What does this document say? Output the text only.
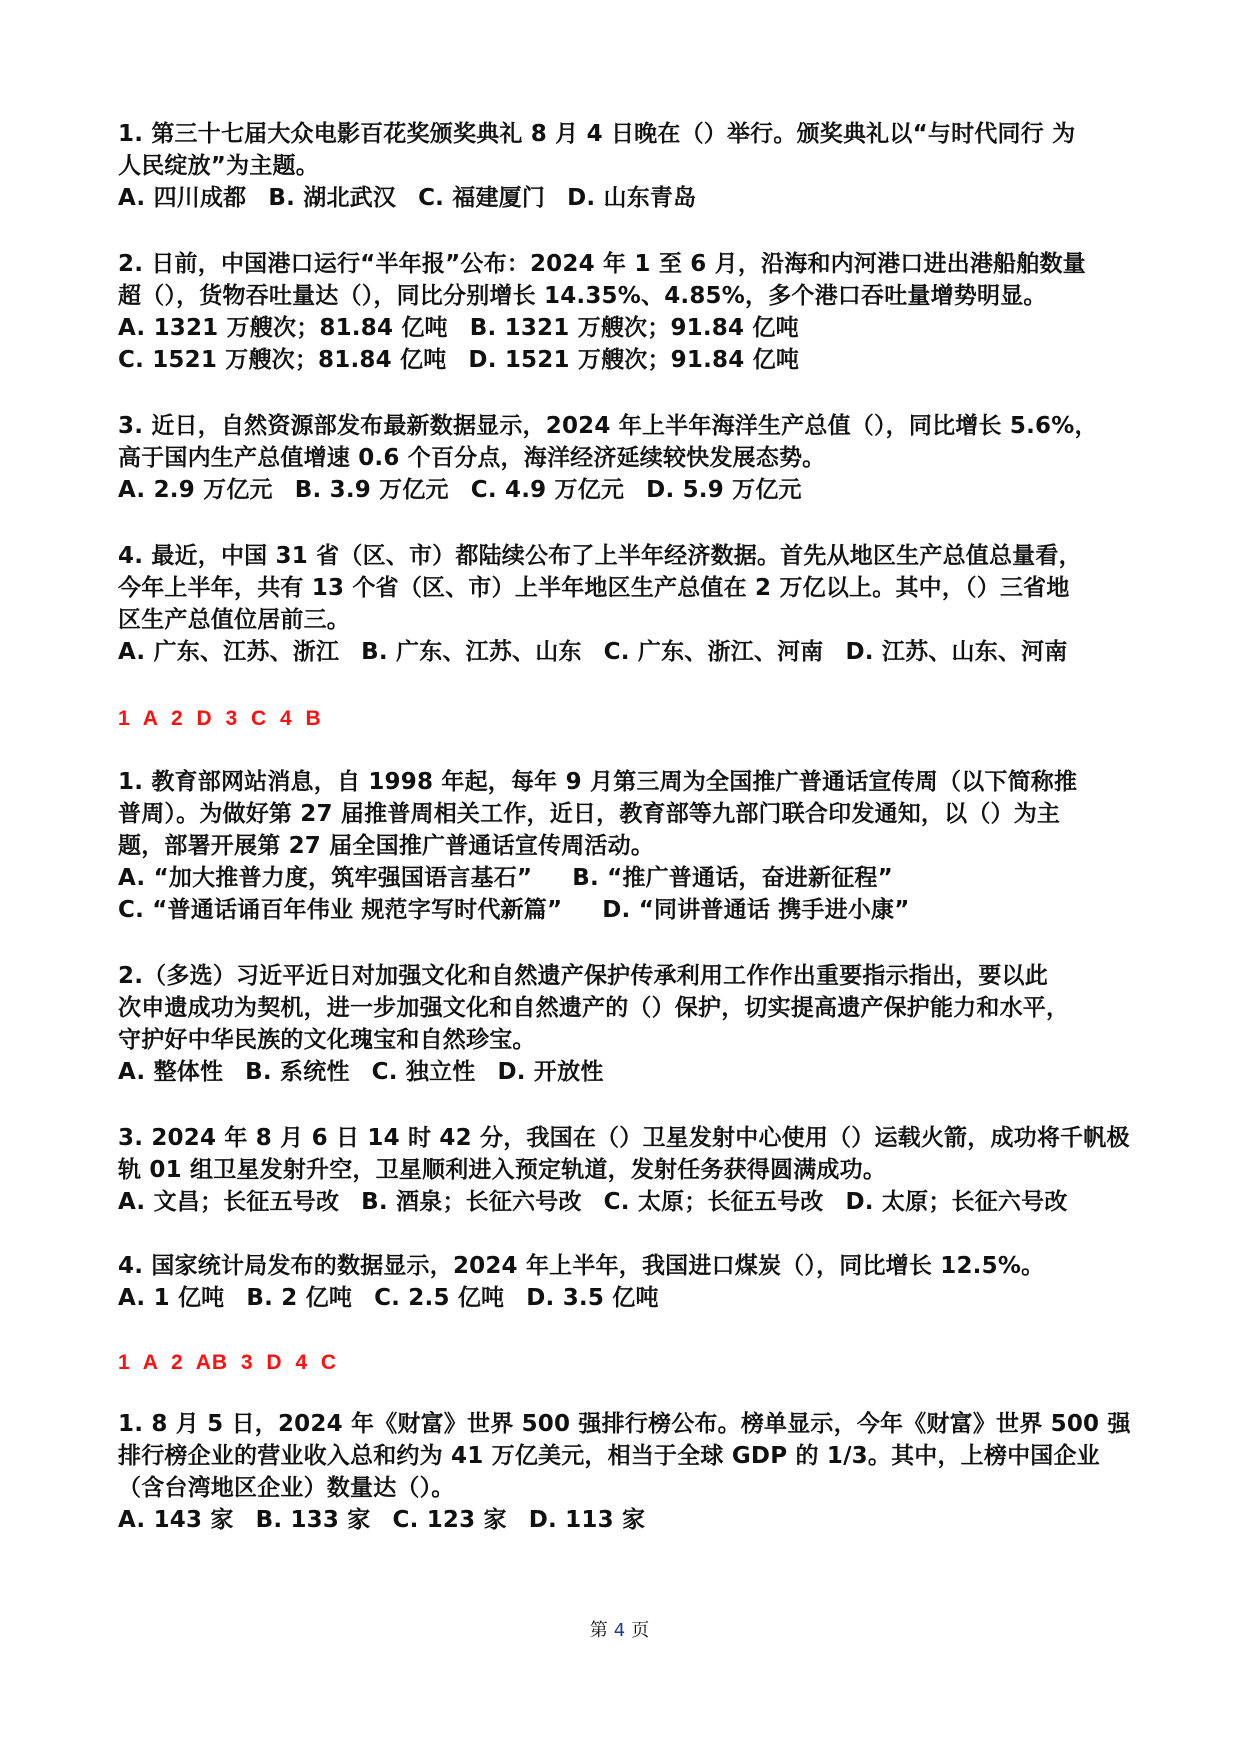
1. 第三十七届大众电影百花奖颁奖典礼 8 月 4 日晚在（）举行。颁奖典礼以“与时代同行 为
人民绽放”为主题。
A. 四川成都 B. 湖北武汉 C. 福建厦门 D. 山东青岛
2. 日前，中国港口运行“半年报”公布：2024 年 1 至 6 月，沿海和内河港口进出港船舶数量
超（），货物吞吐量达（），同比分别增长 14.35%、4.85%，多个港口吞吐量增势明显。
A. 1321 万艘次；81.84 亿吨 B. 1321 万艘次；91.84 亿吨
C. 1521 万艘次；81.84 亿吨 D. 1521 万艘次；91.84 亿吨
3. 近日，自然资源部发布最新数据显示，2024 年上半年海洋生产总值（），同比增长 5.6%，
高于国内生产总值增速 0.6 个百分点，海洋经济延续较快发展态势。
A. 2.9 万亿元 B. 3.9 万亿元 C. 4.9 万亿元 D. 5.9 万亿元
4. 最近，中国 31 省（区、市）都陆续公布了上半年经济数据。首先从地区生产总值总量看，
今年上半年，共有 13 个省（区、市）上半年地区生产总值在 2 万亿以上。其中，（）三省地
区生产总值位居前三。
A. 广东、江苏、浙江 B. 广东、江苏、山东 C. 广东、浙江、河南 D. 江苏、山东、河南
1 A 2 D 3 C 4 B
1. 教育部网站消息，自 1998 年起，每年 9 月第三周为全国推广普通话宣传周（以下简称推
普周）。为做好第 27 届推普周相关工作，近日，教育部等九部门联合印发通知，以（）为主
题，部署开展第 27 届全国推广普通话宣传周活动。
A. “加大推普力度，筑牢强国语言基石” B. “推广普通话，奋进新征程”
C. “普通话诵百年伟业 规范字写时代新篇” D. “同讲普通话 携手进小康”
2.（多选）习近平近日对加强文化和自然遗产保护传承利用工作作出重要指示指出，要以此
次申遗成功为契机，进一步加强文化和自然遗产的（）保护，切实提高遗产保护能力和水平，
守护好中华民族的文化瑰宝和自然珍宝。
A. 整体性 B. 系统性 C. 独立性 D. 开放性
3. 2024 年 8 月 6 日 14 时 42 分，我国在（）卫星发射中心使用（）运载火箭，成功将千帆极
轨 01 组卫星发射升空，卫星顺利进入预定轨道，发射任务获得圆满成功。
A. 文昌；长征五号改 B. 酒泉；长征六号改 C. 太原；长征五号改 D. 太原；长征六号改
4. 国家统计局发布的数据显示，2024 年上半年，我国进口煤炭（），同比增长 12.5%。
A. 1 亿吨 B. 2 亿吨 C. 2.5 亿吨 D. 3.5 亿吨
1 A 2 AB 3 D 4 C
1. 8 月 5 日，2024 年《财富》世界 500 强排行榜公布。榜单显示，今年《财富》世界 500 强
排行榜企业的营业收入总和约为 41 万亿美元，相当于全球 GDP 的 1/3。其中，上榜中国企业
（含台湾地区企业）数量达（）。
A. 143 家 B. 133 家 C. 123 家 D. 113 家
第 4 页
